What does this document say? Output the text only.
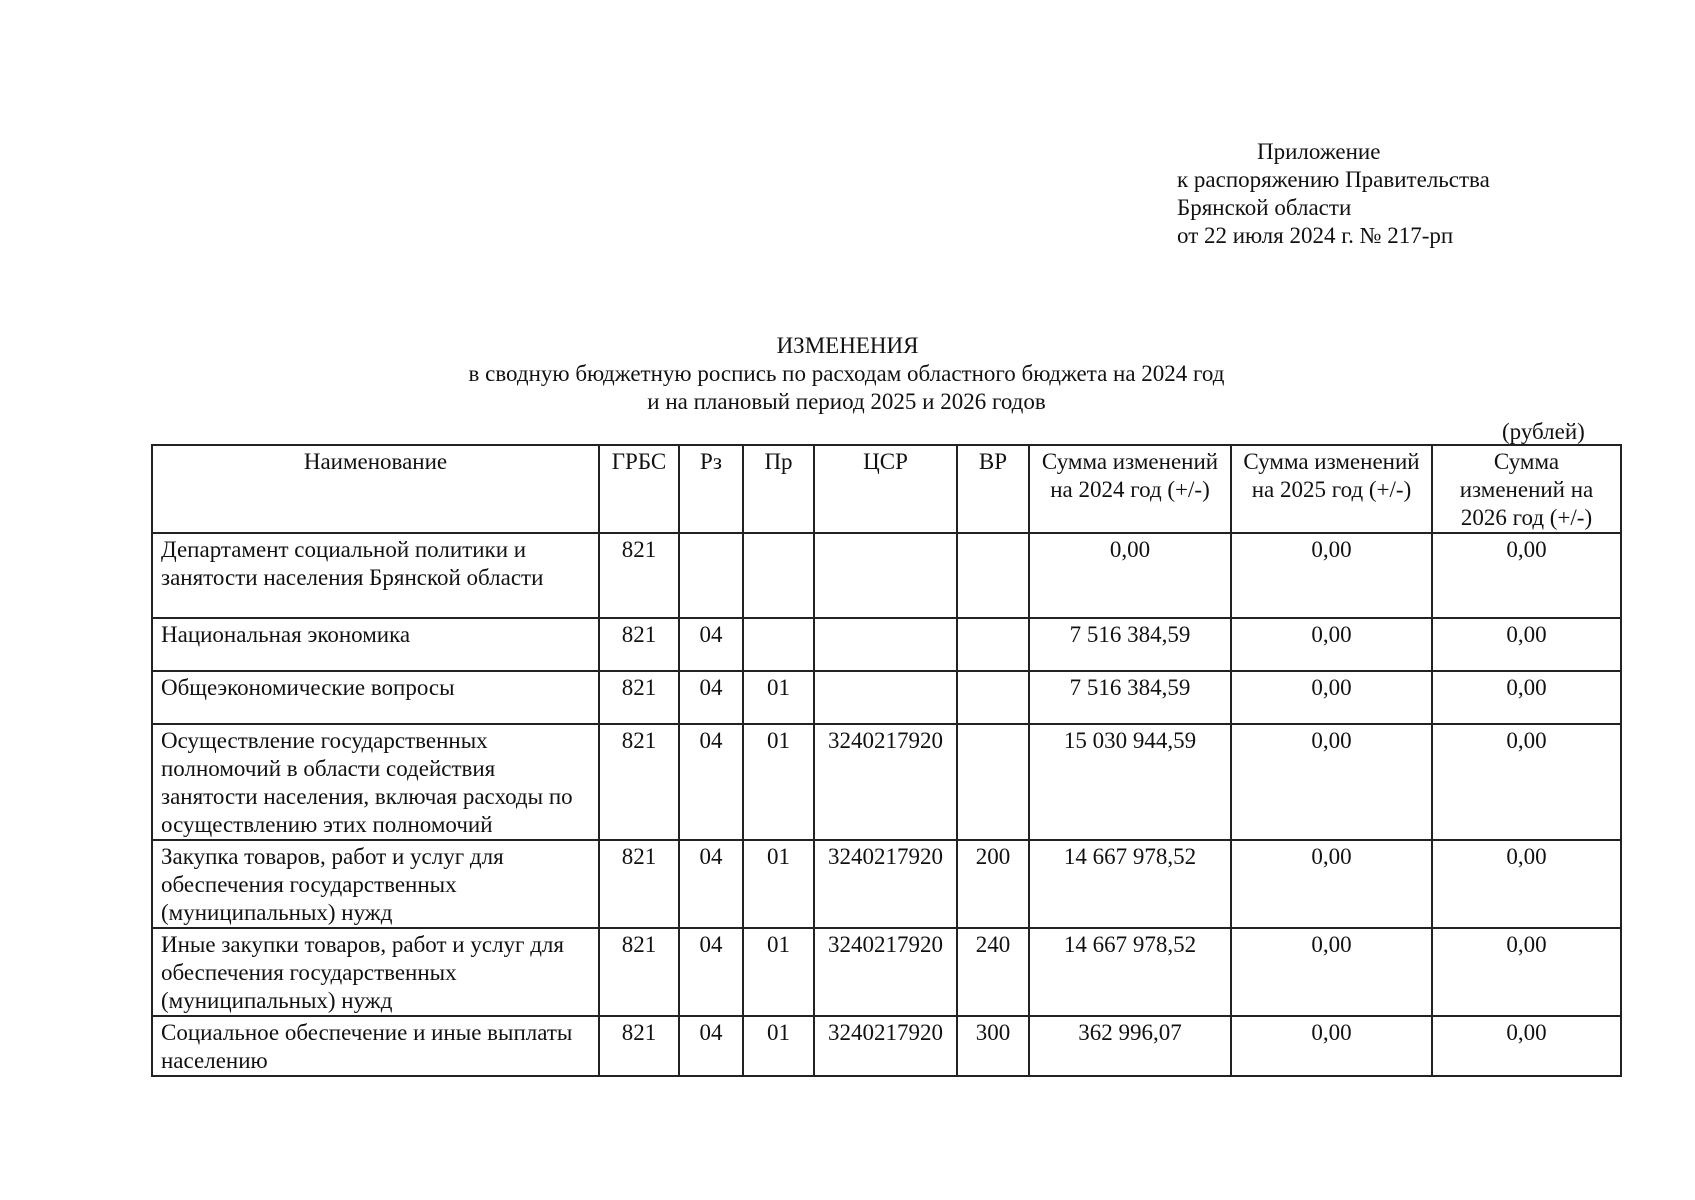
Приложение
к распоряжению Правительства
Брянской области
от 22 июля 2024 г. № 217-рп
ИЗМЕНЕНИЯ
в сводную бюджетную роспись по расходам областного бюджета на 2024 год
и на плановый период 2025 и 2026 годов
(рублей)
Наименование	ГРБС	Рз	Пр	ЦСР	ВР	Сумма изменений на 2024 год (+/-)	Сумма изменений на 2025 год (+/-)	Сумма изменений на 2026 год (+/-)
Департамент социальной политики и занятости населения Брянской области	821					0,00	0,00	0,00
Национальная экономика	821	04				7 516 384,59	0,00	0,00
Общеэкономические вопросы	821	04	01			7 516 384,59	0,00	0,00
Осуществление государственных полномочий в области содействия занятости населения, включая расходы по осуществлению этих полномочий	821	04	01	3240217920		15 030 944,59	0,00	0,00
Закупка товаров, работ и услуг для обеспечения государственных (муниципальных) нужд	821	04	01	3240217920	200	14 667 978,52	0,00	0,00
Иные закупки товаров, работ и услуг для обеспечения государственных (муниципальных) нужд	821	04	01	3240217920	240	14 667 978,52	0,00	0,00
Социальное обеспечение и иные выплаты населению	821	04	01	3240217920	300	362 996,07	0,00	0,00
